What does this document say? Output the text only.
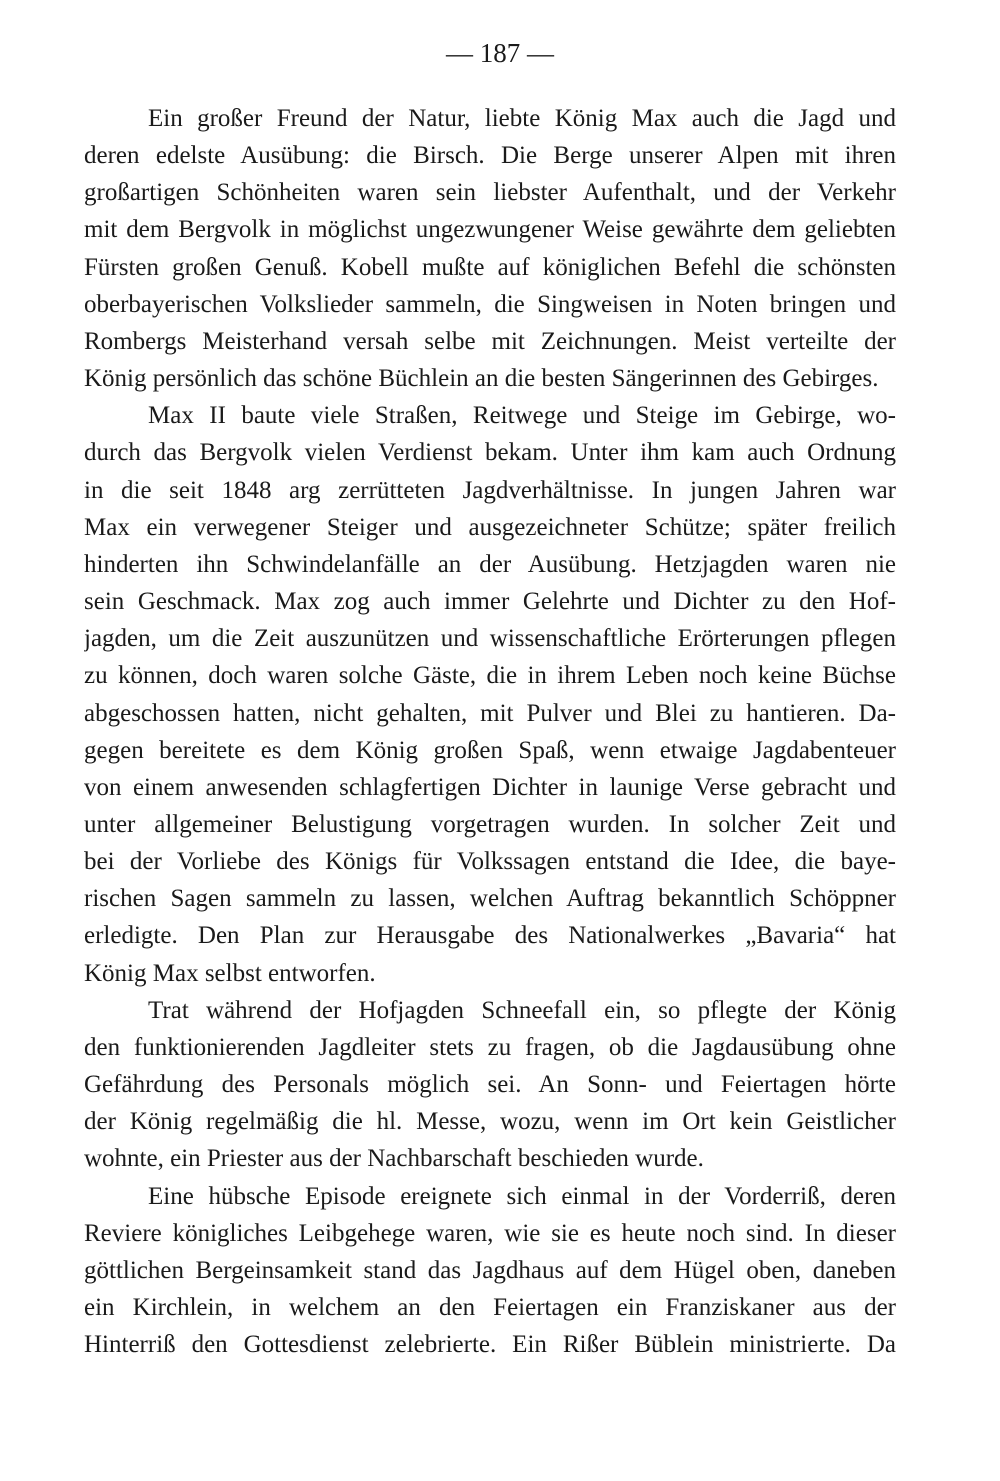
— 187 —

Ein großer Freund der Natur, liebte König Max auch die Jagd und
deren edelste Ausübung: die Birsch. Die Berge unserer Alpen mit ihren
großartigen Schönheiten waren sein liebster Aufenthalt, und der Verkehr
mit dem Bergvolk in möglichst ungezwungener Weise gewährte dem geliebten
Fürsten großen Genuß. Kobell mußte auf königlichen Befehl die schönsten
oberbayerischen Volkslieder sammeln, die Singweisen in Noten bringen und
Rombergs Meisterhand versah selbe mit Zeichnungen. Meist verteilte der
König persönlich das schöne Büchlein an die besten Sängerinnen des Gebirges.

Max II baute viele Straßen, Reitwege und Steige im Gebirge, wo-
durch das Bergvolk vielen Verdienst bekam. Unter ihm kam auch Ordnung
in die seit 1848 arg zerrütteten Jagdverhältnisse. In jungen Jahren war
Max ein verwegener Steiger und ausgezeichneter Schütze; später freilich
hinderten ihn Schwindelanfälle an der Ausübung. Hetzjagden waren nie
sein Geschmack. Max zog auch immer Gelehrte und Dichter zu den Hof-
jagden, um die Zeit auszunützen und wissenschaftliche Erörterungen pflegen
zu können, doch waren solche Gäste, die in ihrem Leben noch keine Büchse
abgeschossen hatten, nicht gehalten, mit Pulver und Blei zu hantieren. Da-
gegen bereitete es dem König großen Spaß, wenn etwaige Jagdabenteuer
von einem anwesenden schlagfertigen Dichter in launige Verse gebracht und
unter allgemeiner Belustigung vorgetragen wurden. In solcher Zeit und
bei der Vorliebe des Königs für Volkssagen entstand die Idee, die baye-
rischen Sagen sammeln zu lassen, welchen Auftrag bekanntlich Schöppner
erledigte. Den Plan zur Herausgabe des Nationalwerkes „Bavaria“ hat
König Max selbst entworfen.

Trat während der Hofjagden Schneefall ein, so pflegte der König
den funktionierenden Jagdleiter stets zu fragen, ob die Jagdausübung ohne
Gefährdung des Personals möglich sei. An Sonn- und Feiertagen hörte
der König regelmäßig die hl. Messe, wozu, wenn im Ort kein Geistlicher
wohnte, ein Priester aus der Nachbarschaft beschieden wurde.

Eine hübsche Episode ereignete sich einmal in der Vorderriß, deren
Reviere königliches Leibgehege waren, wie sie es heute noch sind. In dieser
göttlichen Bergeinsamkeit stand das Jagdhaus auf dem Hügel oben, daneben
ein Kirchlein, in welchem an den Feiertagen ein Franziskaner aus der
Hinterriß den Gottesdienst zelebrierte. Ein Rißer Büblein ministrierte. Da
